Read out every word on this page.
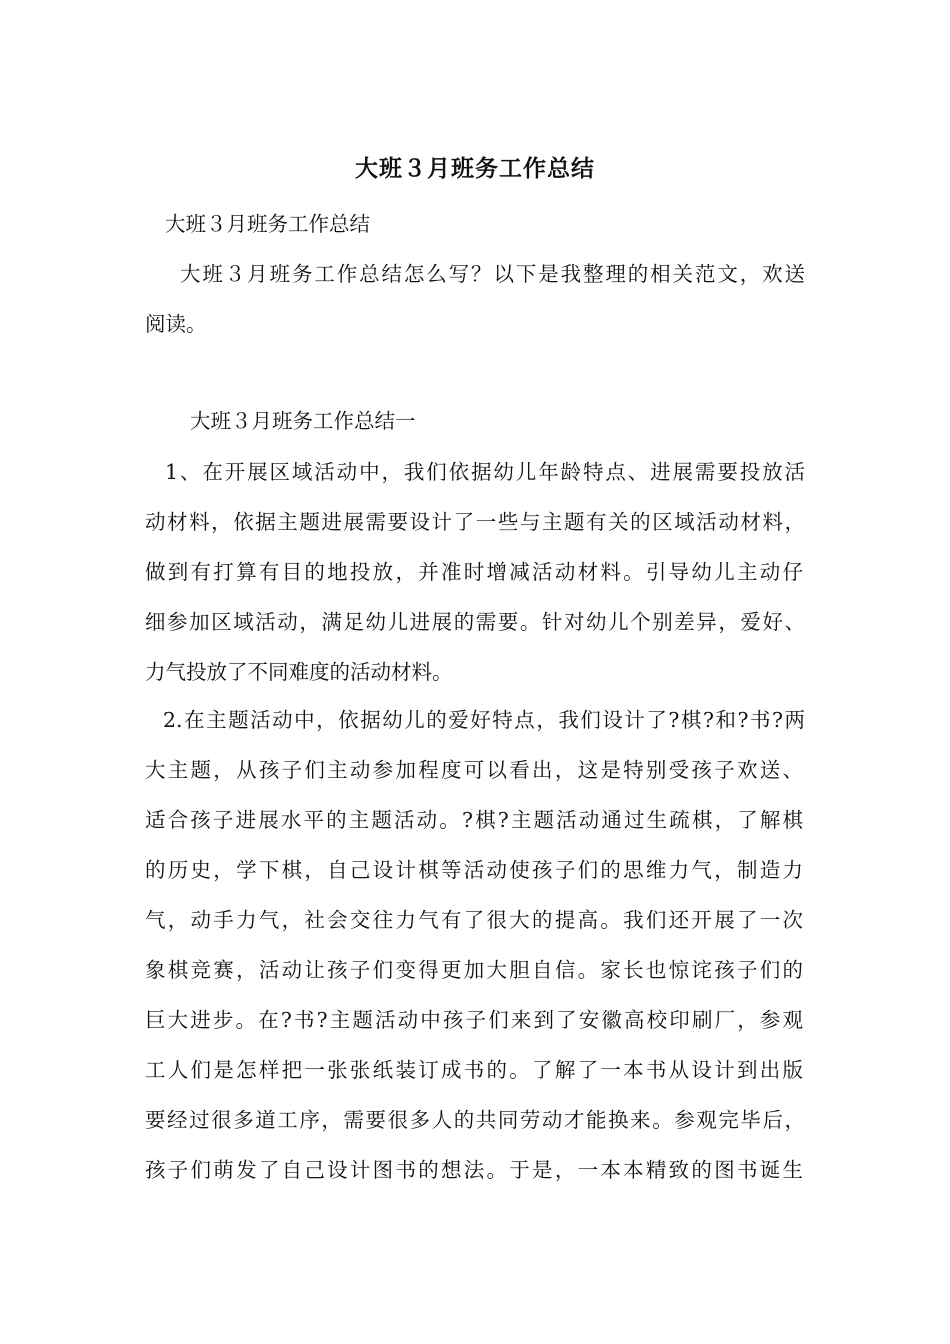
大班３月班务工作总结
大班３月班务工作总结
大班３月班务工作总结怎么写？以下是我整理的相关范文，欢送
阅读。
大班３月班务工作总结一
1、在开展区域活动中，我们依据幼儿年龄特点、进展需要投放活
动材料，依据主题进展需要设计了一些与主题有关的区域活动材料，
做到有打算有目的地投放，并准时增减活动材料。引导幼儿主动仔
细参加区域活动，满足幼儿进展的需要。针对幼儿个别差异，爱好、
力气投放了不同难度的活动材料。
2.在主题活动中，依据幼儿的爱好特点，我们设计了?棋?和?书?两
大主题，从孩子们主动参加程度可以看出，这是特别受孩子欢送、
适合孩子进展水平的主题活动。?棋?主题活动通过生疏棋，了解棋
的历史，学下棋，自己设计棋等活动使孩子们的思维力气，制造力
气，动手力气，社会交往力气有了很大的提高。我们还开展了一次
象棋竞赛，活动让孩子们变得更加大胆自信。家长也惊诧孩子们的
巨大进步。在?书?主题活动中孩子们来到了安徽高校印刷厂，参观
工人们是怎样把一张张纸装订成书的。了解了一本书从设计到出版
要经过很多道工序，需要很多人的共同劳动才能换来。参观完毕后，
孩子们萌发了自己设计图书的想法。于是，一本本精致的图书诞生
